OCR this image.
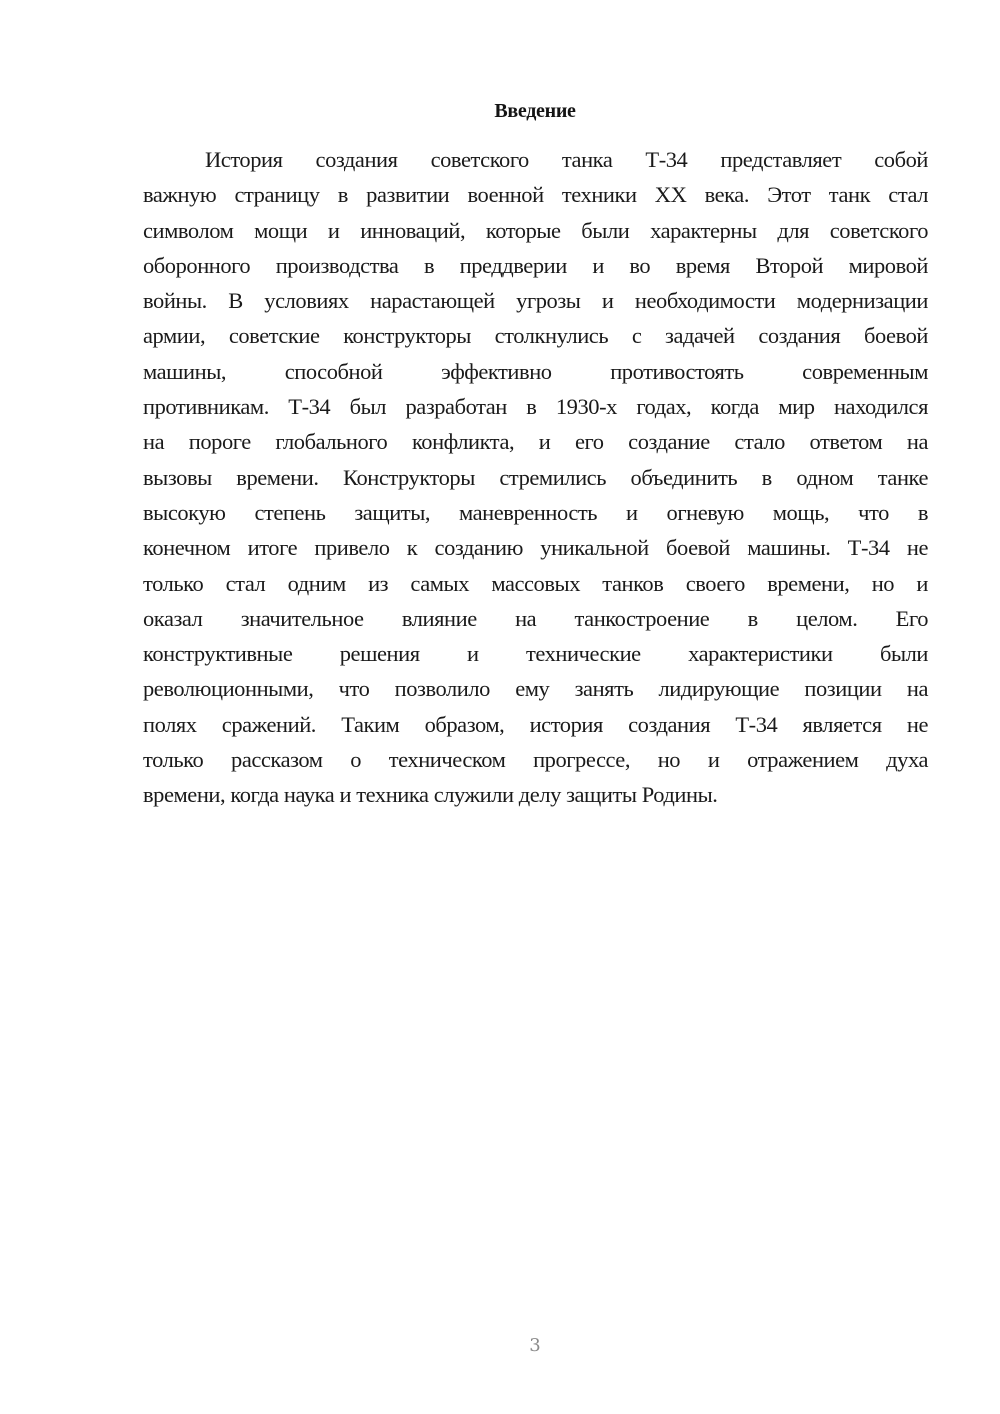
Введение
История создания советского танка Т-34 представляет собой
важную страницу в развитии военной техники XX века. Этот танк стал
символом мощи и инноваций, которые были характерны для советского
оборонного производства в преддверии и во время Второй мировой
войны. В условиях нарастающей угрозы и необходимости модернизации
армии, советские конструкторы столкнулись с задачей создания боевой
машины, способной эффективно противостоять современным
противникам. Т-34 был разработан в 1930-х годах, когда мир находился
на пороге глобального конфликта, и его создание стало ответом на
вызовы времени. Конструкторы стремились объединить в одном танке
высокую степень защиты, маневренность и огневую мощь, что в
конечном итоге привело к созданию уникальной боевой машины. Т-34 не
только стал одним из самых массовых танков своего времени, но и
оказал значительное влияние на танкостроение в целом. Его
конструктивные решения и технические характеристики были
революционными, что позволило ему занять лидирующие позиции на
полях сражений. Таким образом, история создания Т-34 является не
только рассказом о техническом прогрессе, но и отражением духа
времени, когда наука и техника служили делу защиты Родины.
3
